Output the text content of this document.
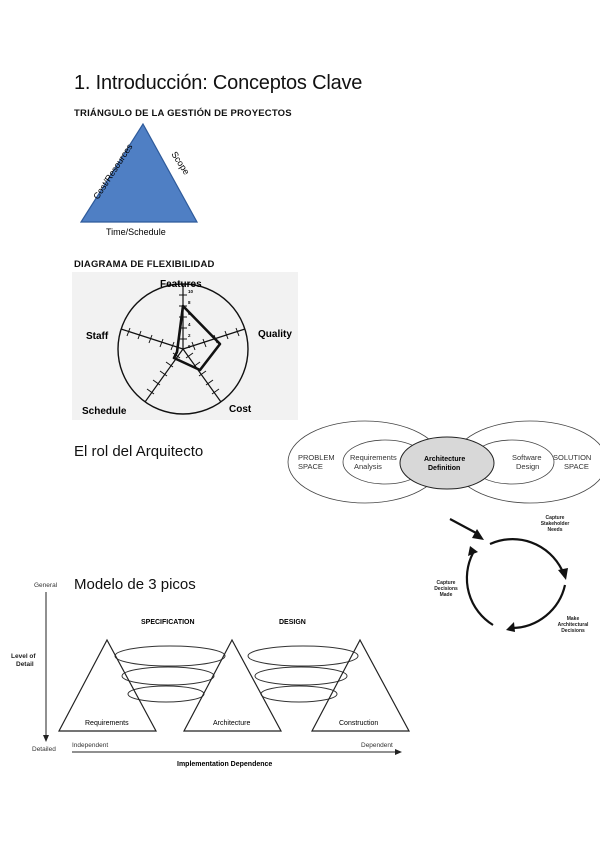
1. Introducción: Conceptos Clave
TRIÁNGULO DE LA GESTIÓN DE PROYECTOS
Cost/Resources	Scope
Time/Schedule
DIAGRAMA DE FLEXIBILIDAD
10
8
6
4
2
0
Features
Quality
Cost
Schedule
Staff
El rol del Arquitecto	PROBLEM SPACE
Requirements Analysis
Software Design
SOLUTION SPACE
Architecture Definition
Capture Stakeholder Needs
Make Architectural Decisions
Capture Decisions Made
Modelo de 3 picos
General
Level of Detail
Detailed
SPECIFICATION	DESIGN
Requirements	Architecture	Construction
Independent	Dependent
Implementation Dependence
